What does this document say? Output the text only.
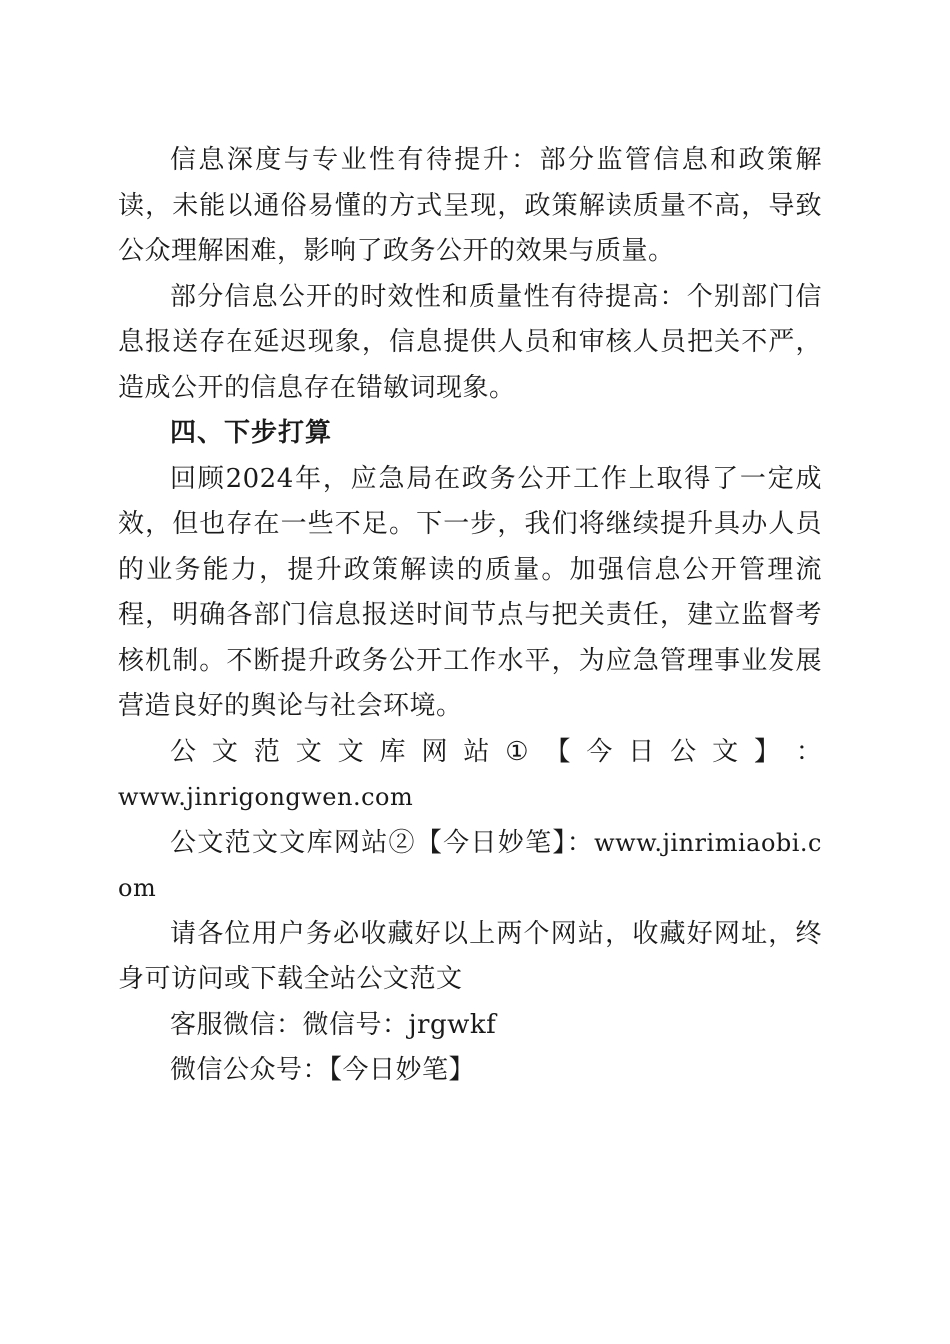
信息深度与专业性有待提升：部分监管信息和政策解读，未能以通俗易懂的方式呈现，政策解读质量不高，导致公众理解困难，影响了政务公开的效果与质量。

部分信息公开的时效性和质量性有待提高：个别部门信息报送存在延迟现象，信息提供人员和审核人员把关不严，造成公开的信息存在错敏词现象。

四、下步打算

回顾2024年，应急局在政务公开工作上取得了一定成效，但也存在一些不足。下一步，我们将继续提升具办人员的业务能力，提升政策解读的质量。加强信息公开管理流程，明确各部门信息报送时间节点与把关责任，建立监督考核机制。不断提升政务公开工作水平，为应急管理事业发展营造良好的舆论与社会环境。

公 文 范 文 文 库 网 站 ① 【 今 日 公 文 】 ：
www.jinrigongwen.com

公文范文文库网站②【今日妙笔】：www.jinrimiaobi.com

请各位用户务必收藏好以上两个网站，收藏好网址，终身可访问或下载全站公文范文

客服微信：微信号：jrgwkf

微信公众号：【今日妙笔】
